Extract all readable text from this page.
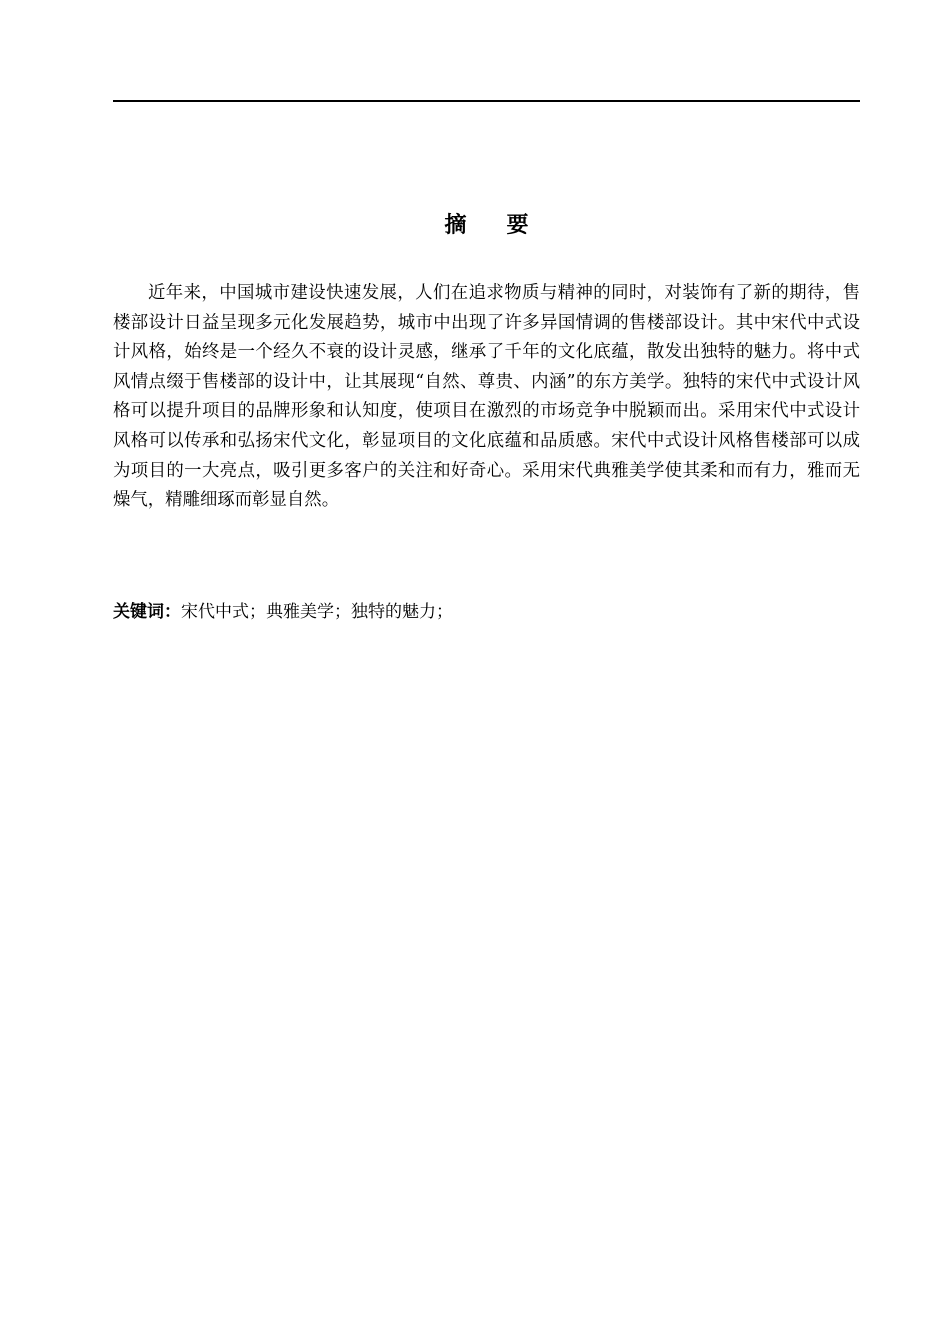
摘要

近年来，中国城市建设快速发展，人们在追求物质与精神的同时，对装饰有了新的期待，售楼部设计日益呈现多元化发展趋势，城市中出现了许多异国情调的售楼部设计。其中宋代中式设计风格，始终是一个经久不衰的设计灵感，继承了千年的文化底蕴，散发出独特的魅力。将中式风情点缀于售楼部的设计中，让其展现“自然、尊贵、内涵”的东方美学。独特的宋代中式设计风格可以提升项目的品牌形象和认知度，使项目在激烈的市场竞争中脱颖而出。采用宋代中式设计风格可以传承和弘扬宋代文化，彰显项目的文化底蕴和品质感。宋代中式设计风格售楼部可以成为项目的一大亮点，吸引更多客户的关注和好奇心。采用宋代典雅美学使其柔和而有力，雅而无燥气，精雕细琢而彰显自然。

关键词：宋代中式；典雅美学；独特的魅力；
